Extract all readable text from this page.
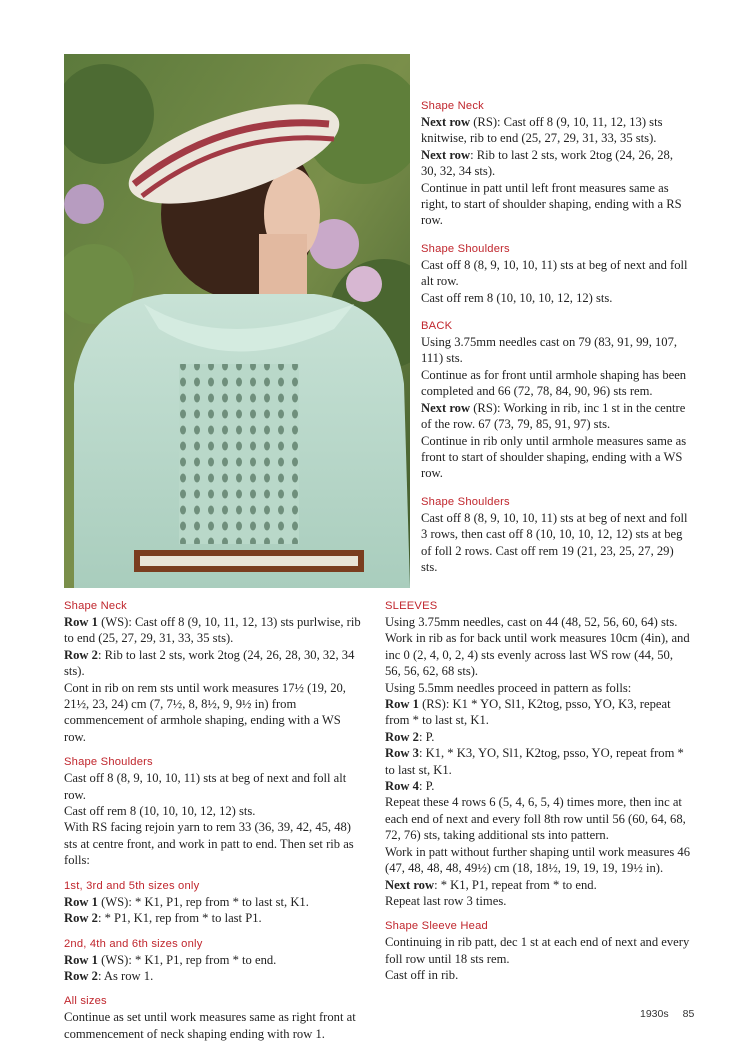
Shape Neck

Next row (RS): Cast off 8 (9, 10, 11, 12, 13) sts knitwise, rib to end (25, 27, 29, 31, 33, 35 sts).

Next row: Rib to last 2 sts, work 2tog (24, 26, 28, 30, 32, 34 sts).

Continue in patt until left front measures same as right, to start of shoulder shaping, ending with a RS row.

Shape Shoulders

Cast off 8 (8, 9, 10, 10, 11) sts at beg of next and foll alt row.

Cast off rem 8 (10, 10, 10, 12, 12) sts.

BACK

Using 3.75mm needles cast on 79 (83, 91, 99, 107, 111) sts.

Continue as for front until armhole shaping has been completed and 66 (72, 78, 84, 90, 96) sts rem.

Next row (RS): Working in rib, inc 1 st in the centre of the row. 67 (73, 79, 85, 91, 97) sts.

Continue in rib only until armhole measures same as front to start of shoulder shaping, ending with a WS row.

Shape Shoulders

Cast off 8 (8, 9, 10, 10, 11) sts at beg of next and foll 3 rows, then cast off 8 (10, 10, 10, 12, 12) sts at beg of foll 2 rows. Cast off rem 19 (21, 23, 25, 27, 29) sts.

Shape Neck

Row 1 (WS): Cast off 8 (9, 10, 11, 12, 13) sts purlwise, rib to end (25, 27, 29, 31, 33, 35 sts).

Row 2: Rib to last 2 sts, work 2tog (24, 26, 28, 30, 32, 34 sts).

Cont in rib on rem sts until work measures 17½ (19, 20, 21½, 23, 24) cm (7, 7½, 8, 8½, 9, 9½ in) from commencement of armhole shaping, ending with a WS row.

Shape Shoulders

Cast off 8 (8, 9, 10, 10, 11) sts at beg of next and foll alt row.

Cast off rem 8 (10, 10, 10, 12, 12) sts.

With RS facing rejoin yarn to rem 33 (36, 39, 42, 45, 48) sts at centre front, and work in patt to end. Then set rib as folls:

1st, 3rd and 5th sizes only

Row 1 (WS): * K1, P1, rep from * to last st, K1.

Row 2: * P1, K1, rep from * to last P1.

2nd, 4th and 6th sizes only

Row 1 (WS): * K1, P1, rep from * to end.

Row 2: As row 1.

All sizes

Continue as set until work measures same as right front at commencement of neck shaping ending with row 1.

SLEEVES

Using 3.75mm needles, cast on 44 (48, 52, 56, 60, 64) sts.

Work in rib as for back until work measures 10cm (4in), and inc 0 (2, 4, 0, 2, 4) sts evenly across last WS row (44, 50, 56, 56, 62, 68 sts).

Using 5.5mm needles proceed in pattern as folls:

Row 1 (RS): K1 * YO, Sl1, K2tog, psso, YO, K3, repeat from * to last st, K1.

Row 2: P.

Row 3: K1, * K3, YO, Sl1, K2tog, psso, YO, repeat from * to last st, K1.

Row 4: P.

Repeat these 4 rows 6 (5, 4, 6, 5, 4) times more, then inc at each end of next and every foll 8th row until 56 (60, 64, 68, 72, 76) sts, taking additional sts into pattern.

Work in patt without further shaping until work measures 46 (47, 48, 48, 48, 49½) cm (18, 18½, 19, 19, 19, 19½ in).

Next row: * K1, P1, repeat from * to end.

Repeat last row 3 times.

Shape Sleeve Head

Continuing in rib patt, dec 1 st at each end of next and every foll row until 18 sts rem.

Cast off in rib.

1930s 85
